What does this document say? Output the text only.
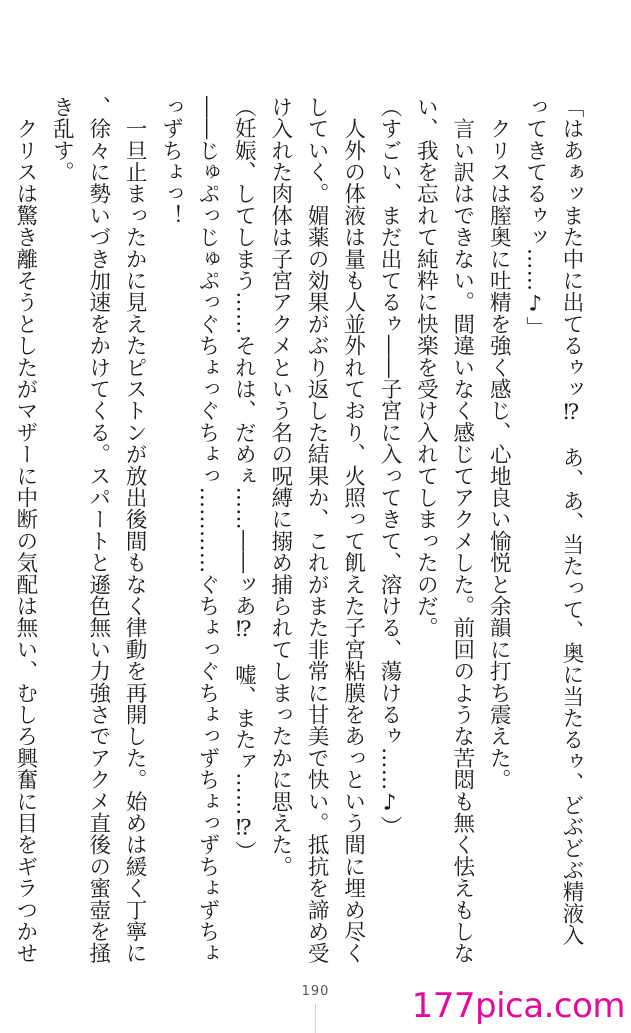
「はあぁッまた中に出てるゥッ⁉　あ、あ、当たって、奥に当たるゥ、どぶどぶ精液入ってきてるゥッ……♪」

　クリスは膣奥に吐精を強く感じ、心地良い愉悦と余韻に打ち震えた。

　言い訳はできない。間違いなく感じてアクメした。前回のような苦悶も無く怯えもしない、我を忘れて純粋に快楽を受け入れてしまったのだ。

（すごい、まだ出てるゥ――子宮に入ってきて、溶ける、蕩けるゥ……♪）

　人外の体液は量も人並外れており、火照って飢えた子宮粘膜をあっという間に埋め尽くしていく。媚薬の効果がぶり返した結果か、これがまた非常に甘美で快い。抵抗を諦め受け入れた肉体は子宮アクメという名の呪縛に搦め捕られてしまったかに思えた。

（妊娠、してしまう……それは、だめぇ……――ッあ⁉　嘘、またァ……⁉）

――じゅぷっじゅぷっぐちょっぐちょっ…………ぐちょっぐちょっずちょっずちょずちょっずちょっ！

　一旦止まったかに見えたピストンが放出後間もなく律動を再開した。始めは緩く丁寧に、徐々に勢いづき加速をかけてくる。スパートと遜色無い力強さでアクメ直後の蜜壺を掻き乱す。

　クリスは驚き離そうとしたがマザーに中断の気配は無い、むしろ興奮に目をギラつかせ

190	177pica.com
